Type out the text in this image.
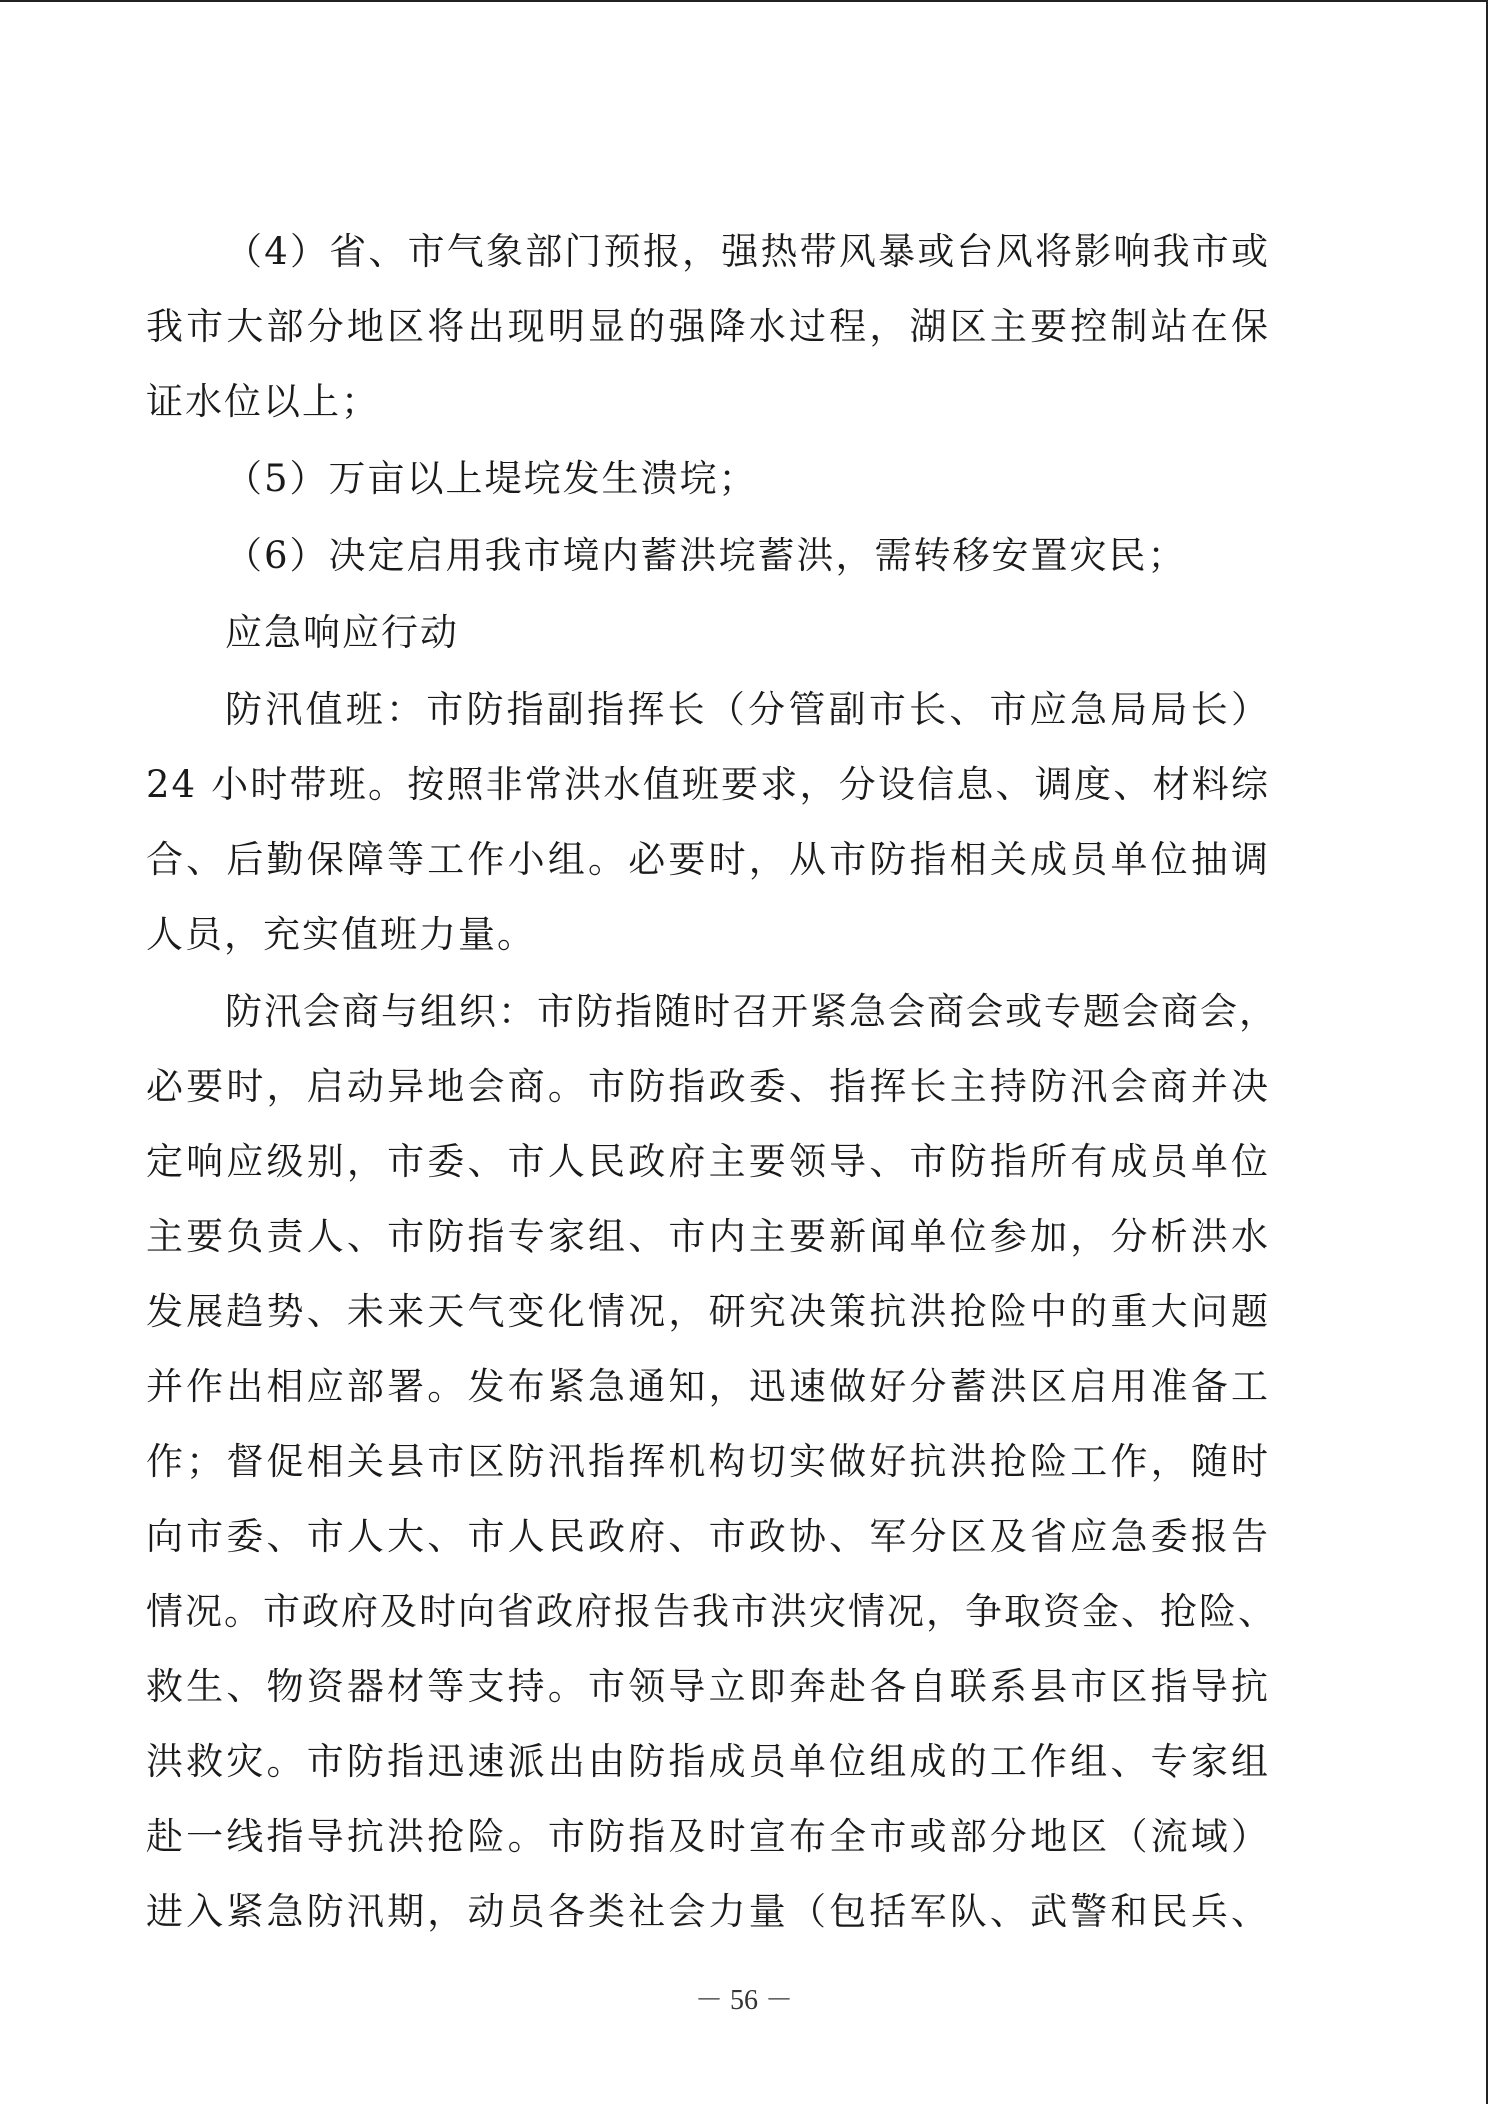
（4）省、市气象部门预报，强热带风暴或台风将影响我市或
我市大部分地区将出现明显的强降水过程，湖区主要控制站在保
证水位以上；
（5）万亩以上堤垸发生溃垸；
（6）决定启用我市境内蓄洪垸蓄洪，需转移安置灾民；
应急响应行动
防汛值班：市防指副指挥长（分管副市长、市应急局局长）
24 小时带班。按照非常洪水值班要求，分设信息、调度、材料综
合、后勤保障等工作小组。必要时，从市防指相关成员单位抽调
人员，充实值班力量。
防汛会商与组织：市防指随时召开紧急会商会或专题会商会，
必要时，启动异地会商。市防指政委、指挥长主持防汛会商并决
定响应级别，市委、市人民政府主要领导、市防指所有成员单位
主要负责人、市防指专家组、市内主要新闻单位参加，分析洪水
发展趋势、未来天气变化情况，研究决策抗洪抢险中的重大问题
并作出相应部署。发布紧急通知，迅速做好分蓄洪区启用准备工
作；督促相关县市区防汛指挥机构切实做好抗洪抢险工作，随时
向市委、市人大、市人民政府、市政协、军分区及省应急委报告
情况。市政府及时向省政府报告我市洪灾情况，争取资金、抢险、
救生、物资器材等支持。市领导立即奔赴各自联系县市区指导抗
洪救灾。市防指迅速派出由防指成员单位组成的工作组、专家组
赴一线指导抗洪抢险。市防指及时宣布全市或部分地区（流域）
进入紧急防汛期，动员各类社会力量（包括军队、武警和民兵、
－ 56 －
